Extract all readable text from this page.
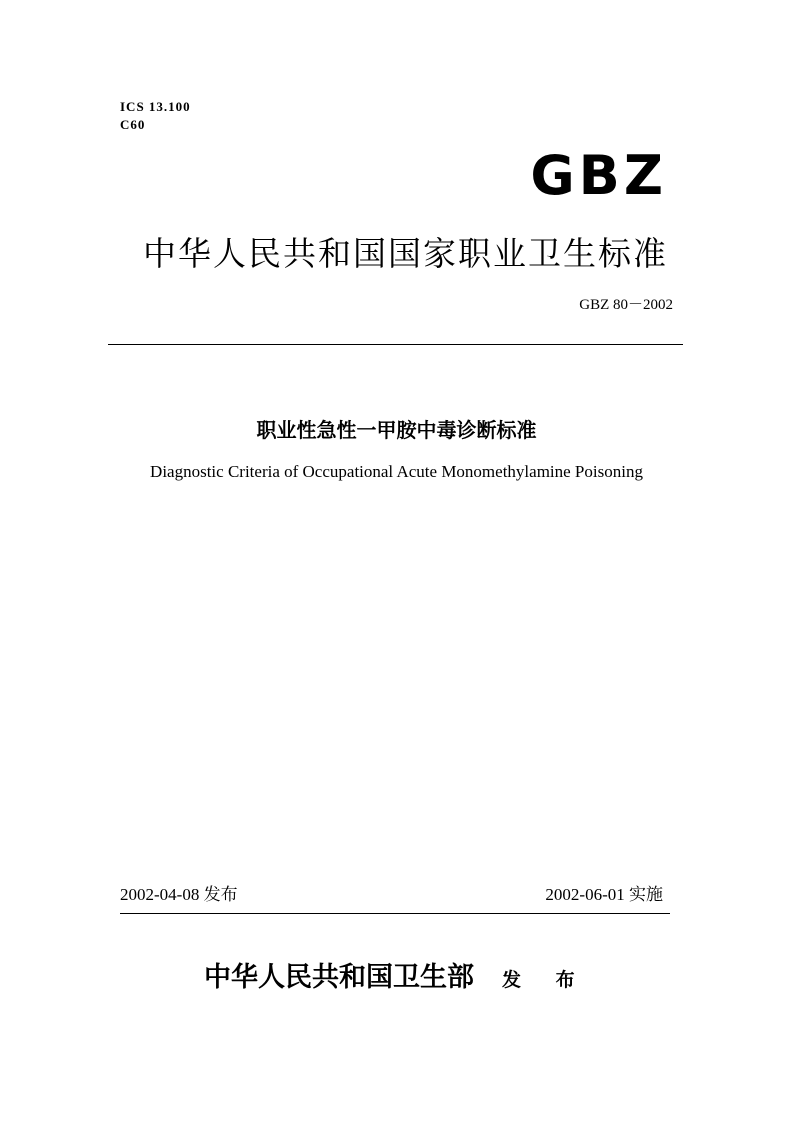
ICS 13.100
C60
GBZ
中华人民共和国国家职业卫生标准
GBZ 80－2002
职业性急性一甲胺中毒诊断标准
Diagnostic Criteria of Occupational Acute Monomethylamine Poisoning
2002-04-08 发布	2002-06-01 实施
中华人民共和国卫生部 发 布
